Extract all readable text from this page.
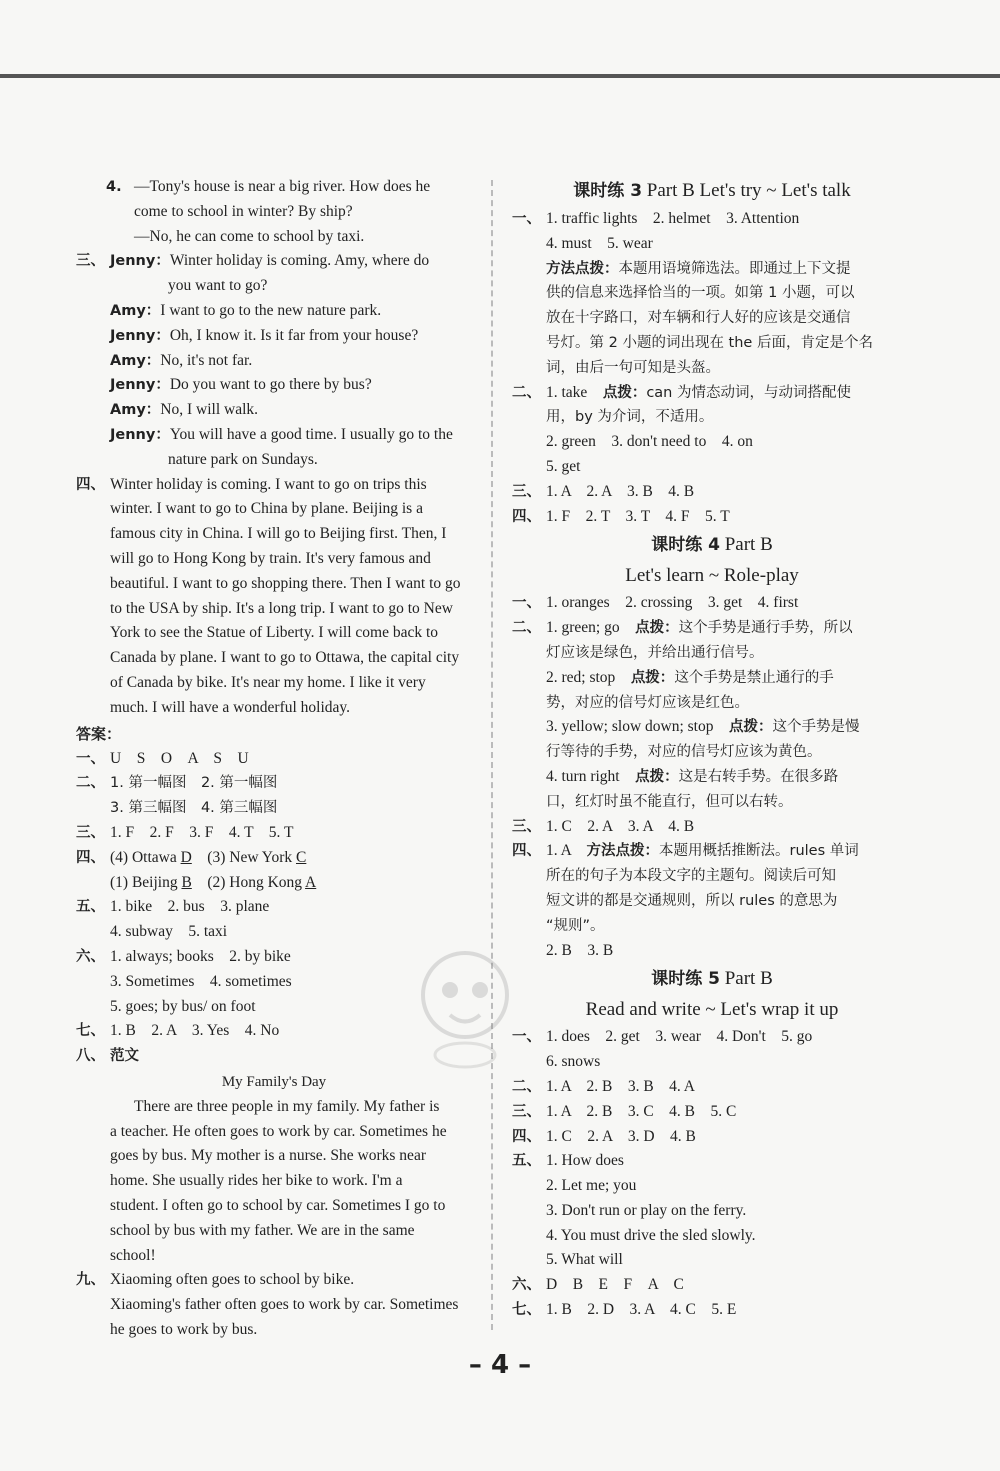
4. —Tony's house is near a big river. How does he
come to school in winter? By ship?
—No, he can come to school by taxi.
三、 Jenny：Winter holiday is coming. Amy, where do
you want to go?
Amy：I want to go to the new nature park.
Jenny：Oh, I know it. Is it far from your house?
Amy：No, it's not far.
Jenny：Do you want to go there by bus?
Amy：No, I will walk.
Jenny：You will have a good time. I usually go to the
nature park on Sundays.
四、 Winter holiday is coming. I want to go on trips this
winter. I want to go to China by plane. Beijing is a
famous city in China. I will go to Beijing first. Then, I
will go to Hong Kong by train. It's very famous and
beautiful. I want to go shopping there. Then I want to go
to the USA by ship. It's a long trip. I want to go to New
York to see the Statue of Liberty. I will come back to
Canada by plane. I want to go to Ottawa, the capital city
of Canada by bike. It's near my home. I like it very
much. I will have a wonderful holiday.
答案：
一、 U　S　O　A　S　U
二、 1. 第一幅图　2. 第一幅图
3. 第三幅图　4. 第三幅图
三、 1. F　2. F　3. F　4. T　5. T
四、 (4) Ottawa D　(3) New York C
(1) Beijing B　(2) Hong Kong A
五、 1. bike　2. bus　3. plane
4. subway　5. taxi
六、 1. always; books　2. by bike
3. Sometimes　4. sometimes
5. goes; by bus/ on foot
七、 1. B　2. A　3. Yes　4. No
八、 范文
My Family's Day
There are three people in my family. My father is
a teacher. He often goes to work by car. Sometimes he
goes by bus. My mother is a nurse. She works near
home. She usually rides her bike to work. I'm a
student. I often go to school by car. Sometimes I go to
school by bus with my father. We are in the same
school!
九、 Xiaoming often goes to school by bike.
Xiaoming's father often goes to work by car. Sometimes
he goes to work by bus.
课时练 3 Part B Let's try ~ Let's talk
一、 1. traffic lights　2. helmet　3. Attention
4. must　5. wear
方法点拨：本题用语境筛选法。即通过上下文提
供的信息来选择恰当的一项。如第 1 小题，可以
放在十字路口，对车辆和行人好的应该是交通信
号灯。第 2 小题的词出现在 the 后面，肯定是个名
词，由后一句可知是头盔。
二、 1. take　点拨：can 为情态动词，与动词搭配使
用，by 为介词，不适用。
2. green　3. don't need to　4. on
5. get
三、 1. A　2. A　3. B　4. B
四、 1. F　2. T　3. T　4. F　5. T
课时练 4 Part B
Let's learn ~ Role-play
一、 1. oranges　2. crossing　3. get　4. first
二、 1. green; go　点拨：这个手势是通行手势，所以
灯应该是绿色，并给出通行信号。
2. red; stop　点拨：这个手势是禁止通行的手
势，对应的信号灯应该是红色。
3. yellow; slow down; stop　点拨：这个手势是慢
行等待的手势，对应的信号灯应该为黄色。
4. turn right　点拨：这是右转手势。在很多路
口，红灯时虽不能直行，但可以右转。
三、 1. C　2. A　3. A　4. B
四、 1. A　方法点拨：本题用概括推断法。rules 单词
所在的句子为本段文字的主题句。阅读后可知
短文讲的都是交通规则，所以 rules 的意思为
“规则”。
2. B　3. B
课时练 5 Part B
Read and write ~ Let's wrap it up
一、 1. does　2. get　3. wear　4. Don't　5. go
6. snows
二、 1. A　2. B　3. B　4. A
三、 1. A　2. B　3. C　4. B　5. C
四、 1. C　2. A　3. D　4. B
五、 1. How does
2. Let me; you
3. Don't run or play on the ferry.
4. You must drive the sled slowly.
5. What will
六、 D　B　E　F　A　C
七、 1. B　2. D　3. A　4. C　5. E
– 4 –
